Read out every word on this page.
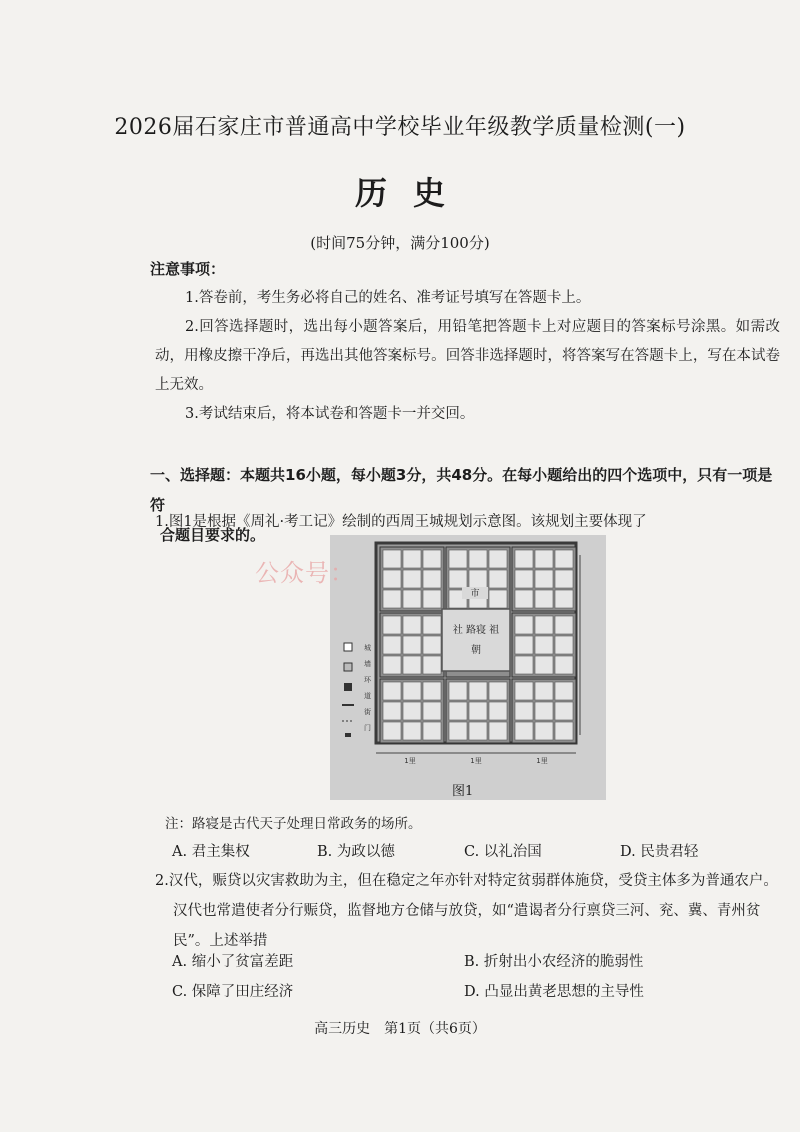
2026届石家庄市普通高中学校毕业年级教学质量检测(一)
历史
(时间75分钟，满分100分)
注意事项：
1.答卷前，考生务必将自己的姓名、准考证号填写在答题卡上。
2.回答选择题时，选出每小题答案后，用铅笔把答题卡上对应题目的答案标号涂黑。如需改动，用橡皮擦干净后，再选出其他答案标号。回答非选择题时，将答案写在答题卡上，写在本试卷上无效。
3.考试结束后，将本试卷和答题卡一并交回。
一、选择题：本题共16小题，每小题3分，共48分。在每小题给出的四个选项中，只有一项是符
合题目要求的。
1.图1是根据《周礼·考工记》绘制的西周王城规划示意图。该规划主要体现了
社 路寝 祖
朝
市
城
墙
环
道
街
门
1里	1里	1里
公众号：
图1
注：路寝是古代天子处理日常政务的场所。
A. 君主集权	B. 为政以德	C. 以礼治国	D. 民贵君轻
2.汉代，赈贷以灾害救助为主，但在稳定之年亦针对特定贫弱群体施贷，受贷主体多为普通农户。
汉代也常遣使者分行赈贷，监督地方仓储与放贷，如“遣谒者分行禀贷三河、兖、冀、青州贫
民”。上述举措
A. 缩小了贫富差距	B. 折射出小农经济的脆弱性
C. 保障了田庄经济	D. 凸显出黄老思想的主导性
高三历史　第1页（共6页）
